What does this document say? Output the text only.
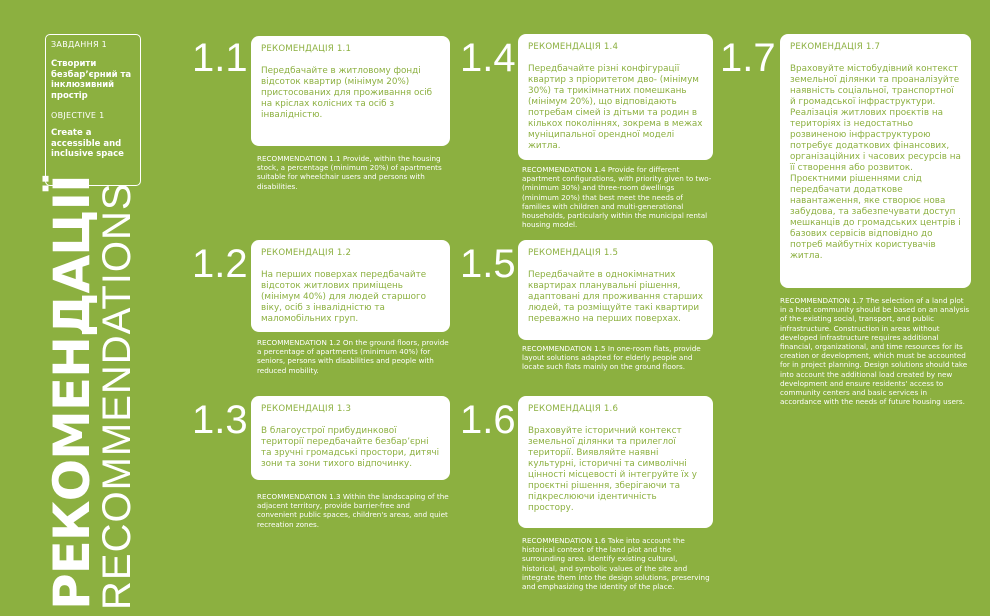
ЗАВДАННЯ 1
Створити безбар’єрний та інклюзивний простір
OBJECTIVE 1
Create a accessible and inclusive space
РЕКОМЕНДАЦІЇ
RECOMMENDATIONS
1.1 РЕКОМЕНДАЦІЯ 1.1
Передбачайте в житловому фонді відсоток квартир (мінімум 20%) пристосованих для проживання осіб на кріслах колісних та осіб з інвалідністю.
RECOMMENDATION 1.1 Provide, within the housing stock, a percentage (minimum 20%) of apartments suitable for wheelchair users and persons with disabilities.
1.2 РЕКОМЕНДАЦІЯ 1.2
На перших поверхах передбачайте відсоток житлових приміщень (мінімум 40%) для людей старшого віку, осіб з інвалідністю та маломобільних груп.
RECOMMENDATION 1.2 On the ground floors, provide a percentage of apartments (minimum 40%) for seniors, persons with disabilities and people with reduced mobility.
1.3 РЕКОМЕНДАЦІЯ 1.3
В благоустрої прибудинкової території передбачайте безбар’єрні та зручні громадські простори, дитячі зони та зони тихого відпочинку.
RECOMMENDATION 1.3 Within the landscaping of the adjacent territory, provide barrier-free and convenient public spaces, children's areas, and quiet recreation zones.
1.4 РЕКОМЕНДАЦІЯ 1.4
Передбачайте різні конфігурації квартир з пріоритетом дво- (мінімум 30%) та трикімнатних помешкань (мінімум 20%), що відповідають потребам сімей із дітьми та родин в кількох поколіннях, зокрема в межах муніципальної орендної моделі житла.
RECOMMENDATION 1.4 Provide for different apartment configurations, with priority given to two- (minimum 30%) and three-room dwellings (minimum 20%) that best meet the needs of families with children and multi-generational households, particularly within the municipal rental housing model.
1.5 РЕКОМЕНДАЦІЯ 1.5
Передбачайте в однокімнатних квартирах планувальні рішення, адаптовані для проживання старших людей, та розміщуйте такі квартири переважно на перших поверхах.
RECOMMENDATION 1.5 In one-room flats, provide layout solutions adapted for elderly people and locate such flats mainly on the ground floors.
1.6 РЕКОМЕНДАЦІЯ 1.6
Враховуйте історичний контекст земельної ділянки та прилеглої території. Виявляйте наявні культурні, історичні та символічні цінності місцевості й інтегруйте їх у проєктні рішення, зберігаючи та підкреслюючи ідентичність простору.
RECOMMENDATION 1.6 Take into account the historical context of the land plot and the surrounding area. Identify existing cultural, historical, and symbolic values of the site and integrate them into the design solutions, preserving and emphasizing the identity of the place.
1.7 РЕКОМЕНДАЦІЯ 1.7
Враховуйте містобудівний контекст земельної ділянки та проаналізуйте наявність соціальної, транспортної й громадської інфраструктури. Реалізація житлових проєктів на територіях із недостатньо розвиненою інфраструктурою потребує додаткових фінансових, організаційних і часових ресурсів на її створення або розвиток. Проєктними рішеннями слід передбачати додаткове навантаження, яке створює нова забудова, та забезпечувати доступ мешканців до громадських центрів і базових сервісів відповідно до потреб майбутніх користувачів житла.
RECOMMENDATION 1.7 The selection of a land plot in a host community should be based on an analysis of the existing social, transport, and public infrastructure. Construction in areas without developed infrastructure requires additional financial, organizational, and time resources for its creation or development, which must be accounted for in project planning. Design solutions should take into account the additional load created by new development and ensure residents' access to community centers and basic services in accordance with the needs of future housing users.
